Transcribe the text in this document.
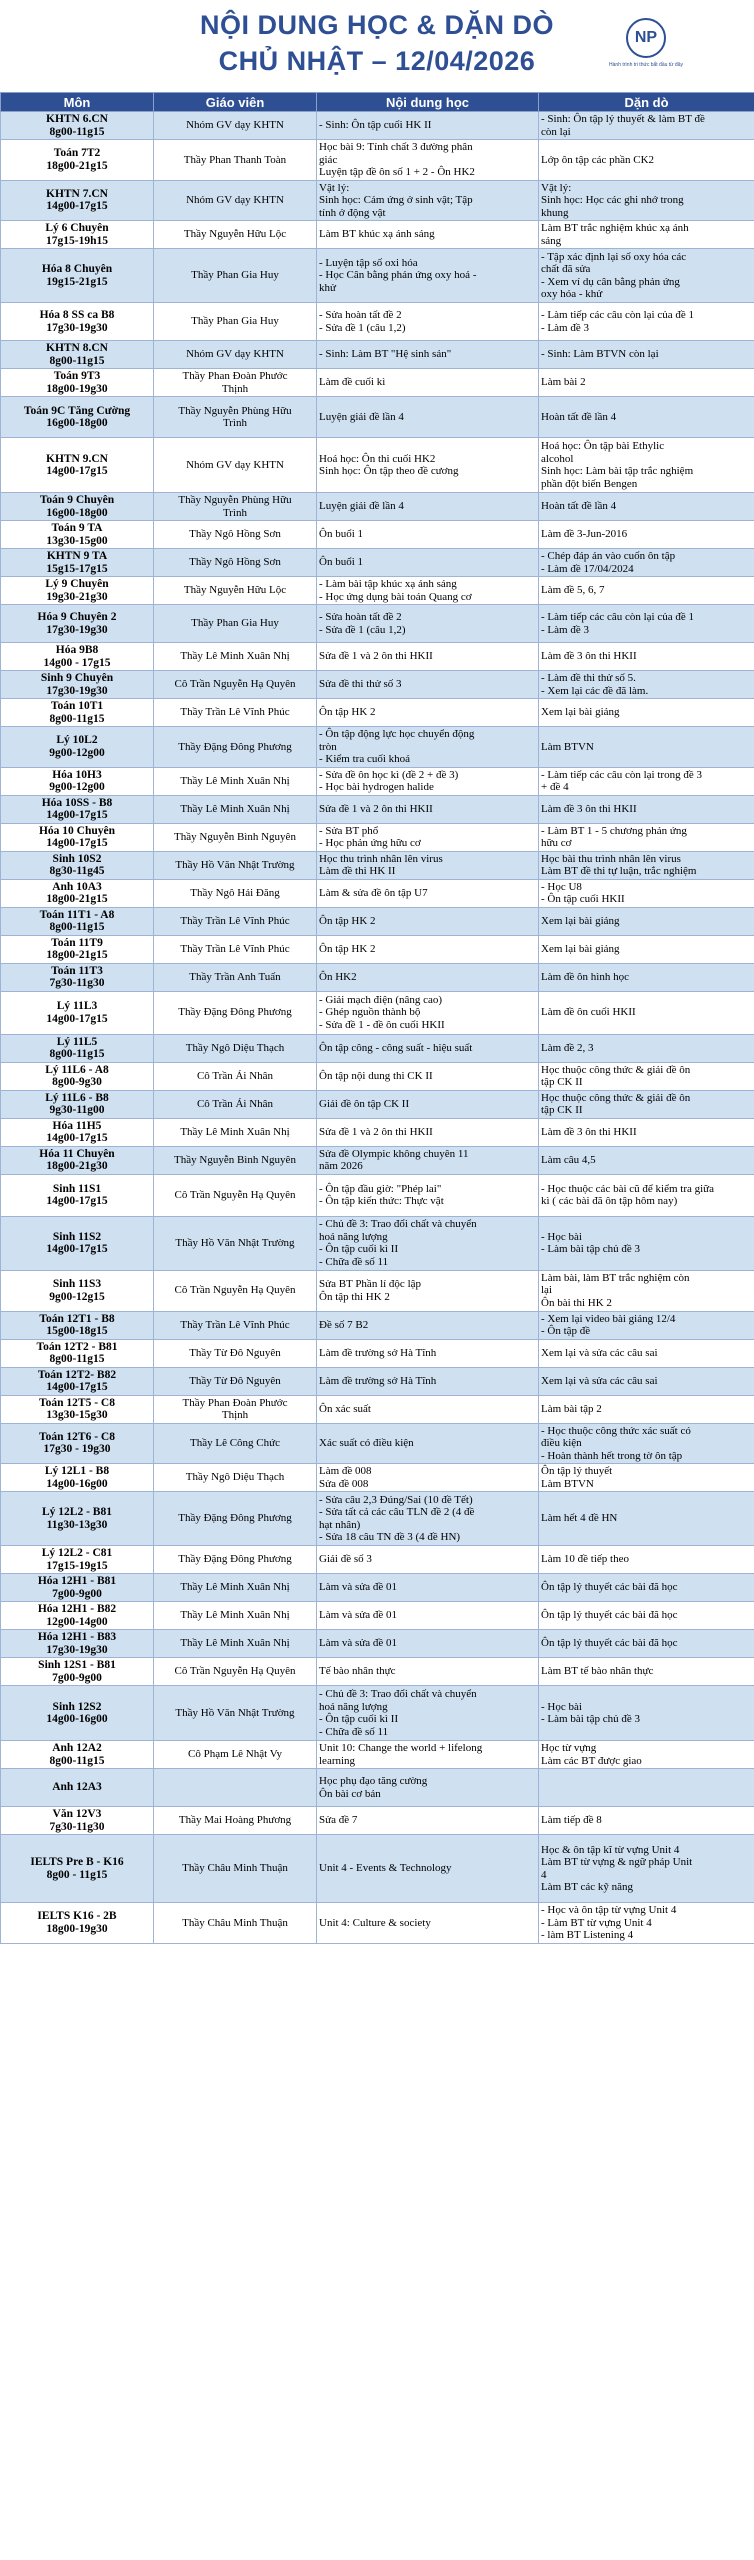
NỘI DUNG HỌC & DẶN DÒ
CHỦ NHẬT – 12/04/2026
NP
Hành trình tri thức bắt đầu từ đây
Môn	Giáo viên	Nội dung học	Dặn dò

KHTN 6.CN
8g00-11g15	Nhóm GV dạy KHTN	- Sinh: Ôn tập cuối HK II	- Sinh: Ôn tập lý thuyết & làm BT đề
còn lại

Toán 7T2
18g00-21g15	Thầy Phan Thanh Toàn	Học bài 9: Tính chất 3 đường phân
giác
Luyện tập đề ôn số 1 + 2 - Ôn HK2	Lớp ôn tập các phần CK2

KHTN 7.CN
14g00-17g15	Nhóm GV dạy KHTN	Vật lý:
Sinh học: Cảm ứng ở sinh vật; Tập
tính ở động vật	Vật lý:
Sinh học: Học các ghi nhớ trong
khung

Lý 6 Chuyên
17g15-19h15	Thầy Nguyễn Hữu Lộc	Làm BT khúc xạ ánh sáng	Làm BT trắc nghiệm khúc xạ ánh
sáng

Hóa 8 Chuyên
19g15-21g15	Thầy Phan Gia Huy	- Luyện tập số oxi hóa
- Học Cân bằng phản ứng oxy hoá -
khử	- Tập xác định lại số oxy hóa các
chất đã sửa
- Xem ví dụ cân bằng phản ứng
oxy hóa - khử

Hóa 8 SS ca B8
17g30-19g30	Thầy Phan Gia Huy	- Sửa hoàn tất đề 2
- Sửa đề 1 (câu 1,2)	- Làm tiếp các câu còn lại của đề 1
- Làm đề 3

KHTN 8.CN
8g00-11g15	Nhóm GV dạy KHTN	- Sinh: Làm BT "Hệ sinh sản"	- Sinh: Làm BTVN còn lại

Toán 9T3
18g00-19g30	Thầy Phan Đoàn Phước
Thịnh	Làm đề cuối kì	Làm bài 2

Toán 9C Tăng Cường
16g00-18g00	Thầy Nguyễn Phùng Hữu
Trình	Luyện giải đề lần 4	Hoàn tất đề lần 4

KHTN 9.CN
14g00-17g15	Nhóm GV dạy KHTN	Hoá học: Ôn thi cuối HK2
Sinh học: Ôn tập theo đề cương	Hoá học: Ôn tập bài Ethylic
alcohol
Sinh học: Làm bài tập trắc nghiệm
phần đột biến Bengen

Toán 9 Chuyên
16g00-18g00	Thầy Nguyễn Phùng Hữu
Trình	Luyện giải đề lần 4	Hoàn tất đề lần 4

Toán 9 TA
13g30-15g00	Thầy Ngô Hồng Sơn	Ôn buổi 1	Làm đề 3-Jun-2016

KHTN 9 TA
15g15-17g15	Thầy Ngô Hồng Sơn	Ôn buổi 1	- Chép đáp án vào cuốn ôn tập
- Làm đề 17/04/2024

Lý 9 Chuyên
19g30-21g30	Thầy Nguyễn Hữu Lộc	- Làm bài tập khúc xạ ánh sáng
- Học ứng dụng bài toán Quang cơ	Làm đề 5, 6, 7

Hóa 9 Chuyên 2
17g30-19g30	Thầy Phan Gia Huy	- Sửa hoàn tất đề 2
- Sửa đề 1 (câu 1,2)	- Làm tiếp các câu còn lại của đề 1
- Làm đề 3

Hóa 9B8
14g00 - 17g15	Thầy Lê Minh Xuân Nhị	Sửa đề 1 và 2 ôn thi HKII	Làm đề 3 ôn thi HKII

Sinh 9 Chuyên
17g30-19g30	Cô Trần Nguyễn Hạ Quyên	Sửa đề thi thử số 3	- Làm đề thi thử số 5.
- Xem lại các đề đã làm.

Toán 10T1
8g00-11g15	Thầy Trần Lê Vĩnh Phúc	Ôn tập HK 2	Xem lại bài giảng

Lý 10L2
9g00-12g00	Thầy Đặng Đông Phương	- Ôn tập động lực học chuyển động
tròn
- Kiểm tra cuối khoá	Làm BTVN

Hóa 10H3
9g00-12g00	Thầy Lê Minh Xuân Nhị	- Sửa đề ôn học kì (đề 2 + đề 3)
- Học bài hydrogen halide	- Làm tiếp các câu còn lại trong đề 3
+ đề 4

Hóa 10SS - B8
14g00-17g15	Thầy Lê Minh Xuân Nhị	Sửa đề 1 và 2 ôn thi HKII	Làm đề 3 ôn thi HKII

Hóa 10 Chuyên
14g00-17g15	Thầy Nguyễn Bình Nguyên	- Sửa BT phổ
- Học phản ứng hữu cơ	- Làm BT 1 - 5 chương phản ứng
hữu cơ

Sinh 10S2
8g30-11g45	Thầy Hồ Văn Nhật Trường	Học thu trình nhân lên virus
Làm đề thi HK II	Học bài thu trình nhân lên virus
Làm BT đề thi tự luận, trắc nghiệm

Anh 10A3
18g00-21g15	Thầy Ngô Hải Đăng	Làm & sửa đề ôn tập U7	- Học U8
- Ôn tập cuối HKII

Toán 11T1 - A8
8g00-11g15	Thầy Trần Lê Vĩnh Phúc	Ôn tập HK 2	Xem lại bài giảng

Toán 11T9
18g00-21g15	Thầy Trần Lê Vĩnh Phúc	Ôn tập HK 2	Xem lại bài giảng

Toán 11T3
7g30-11g30	Thầy Trần Anh Tuấn	Ôn HK2	Làm đề ôn hình học

Lý 11L3
14g00-17g15	Thầy Đặng Đông Phương	- Giải mạch điện (nâng cao)
- Ghép nguồn thành bộ
- Sửa đề 1 - đề ôn cuối HKII	Làm đề ôn cuối HKII

Lý 11L5
8g00-11g15	Thầy Ngô Diệu Thạch	Ôn tập công - công suất - hiệu suất	Làm đề 2, 3

Lý 11L6 - A8
8g00-9g30	Cô Trần Ái Nhân	Ôn tập nội dung thi CK II	Học thuộc công thức & giải đề ôn
tập CK II

Lý 11L6 - B8
9g30-11g00	Cô Trần Ái Nhân	Giải đề ôn tập CK II	Học thuộc công thức & giải đề ôn
tập CK II

Hóa 11H5
14g00-17g15	Thầy Lê Minh Xuân Nhị	Sửa đề 1 và 2 ôn thi HKII	Làm đề 3 ôn thi HKII

Hóa 11 Chuyên
18g00-21g30	Thầy Nguyễn Bình Nguyên	Sửa đề Olympic không chuyên 11
năm 2026	Làm câu 4,5

Sinh 11S1
14g00-17g15	Cô Trần Nguyễn Hạ Quyên	- Ôn tập đầu giờ: "Phép lai"
- Ôn tập kiến thức: Thực vật	- Học thuộc các bài cũ để kiểm tra giữa
kì ( các bài đã ôn tập hôm nay)

Sinh 11S2
14g00-17g15	Thầy Hồ Văn Nhật Trường	- Chủ đề 3: Trao đổi chất và chuyển
hoá năng lượng
- Ôn tập cuối kì II
- Chữa đề số 11	- Học bài
- Làm bài tập chủ đề 3

Sinh 11S3
9g00-12g15	Cô Trần Nguyễn Hạ Quyên	Sửa BT Phần lí độc lập
Ôn tập thi HK 2	Làm bài, làm BT trắc nghiệm còn
lại
Ôn bài thi HK 2

Toán 12T1 - B8
15g00-18g15	Thầy Trần Lê Vĩnh Phúc	Đề số 7 B2	- Xem lại video bài giảng 12/4
- Ôn tập đề

Toán 12T2 - B81
8g00-11g15	Thầy Từ Đô Nguyên	Làm đề trường sở Hà Tĩnh	Xem lại và sửa các câu sai

Toán 12T2- B82
14g00-17g15	Thầy Từ Đô Nguyên	Làm đề trường sở Hà Tĩnh	Xem lại và sửa các câu sai

Toán 12T5 - C8
13g30-15g30	Thầy Phan Đoàn Phước
Thịnh	Ôn xác suất	Làm bài tập 2

Toán 12T6 - C8
17g30 - 19g30	Thầy Lê Công Chức	Xác suất có điều kiện	- Học thuộc công thức xác suất có
điều kiện
- Hoàn thành hết trong tờ ôn tập

Lý 12L1 - B8
14g00-16g00	Thầy Ngô Diệu Thạch	Làm đề 008
Sửa đề 008	Ôn tập lý thuyết
Làm BTVN

Lý 12L2 - B81
11g30-13g30	Thầy Đặng Đông Phương	- Sửa câu 2,3 Đúng/Sai (10 đề Tết)
- Sửa tất cả các câu TLN đề 2 (4 đề
hạt nhân)
- Sửa 18 câu TN đề 3 (4 đề HN)	Làm hết 4 đề HN

Lý 12L2 - C81
17g15-19g15	Thầy Đặng Đông Phương	Giải đề số 3	Làm 10 đề tiếp theo

Hóa 12H1 - B81
7g00-9g00	Thầy Lê Minh Xuân Nhị	Làm và sửa đề 01	Ôn tập lý thuyết các bài đã học

Hóa 12H1 - B82
12g00-14g00	Thầy Lê Minh Xuân Nhị	Làm và sửa đề 01	Ôn tập lý thuyết các bài đã học

Hóa 12H1 - B83
17g30-19g30	Thầy Lê Minh Xuân Nhị	Làm và sửa đề 01	Ôn tập lý thuyết các bài đã học

Sinh 12S1 - B81
7g00-9g00	Cô Trần Nguyễn Hạ Quyên	Tế bào nhân thực	Làm BT tế bào nhân thực

Sinh 12S2
14g00-16g00	Thầy Hồ Văn Nhật Trường	- Chủ đề 3: Trao đổi chất và chuyển
hoá năng lượng
- Ôn tập cuối kì II
- Chữa đề số 11	- Học bài
- Làm bài tập chủ đề 3

Anh 12A2
8g00-11g15	Cô Phạm Lê Nhật Vy	Unit 10: Change the world + lifelong
learning	Học từ vựng
Làm các BT được giao

Anh 12A3		Học phụ đạo tăng cường
Ôn bài cơ bản	

Văn 12V3
7g30-11g30	Thầy Mai Hoàng Phương	Sửa đề 7	Làm tiếp đề 8

IELTS Pre B - K16
8g00 - 11g15	Thầy Châu Minh Thuận	Unit 4 - Events & Technology	Học & ôn tập kĩ từ vựng Unit 4
Làm BT từ vựng & ngữ pháp Unit
4
Làm BT các kỹ năng

IELTS K16 - 2B
18g00-19g30	Thầy Châu Minh Thuận	Unit 4: Culture & society	- Học và ôn tập từ vựng Unit 4
- Làm BT từ vựng Unit 4
- làm BT Listening 4
